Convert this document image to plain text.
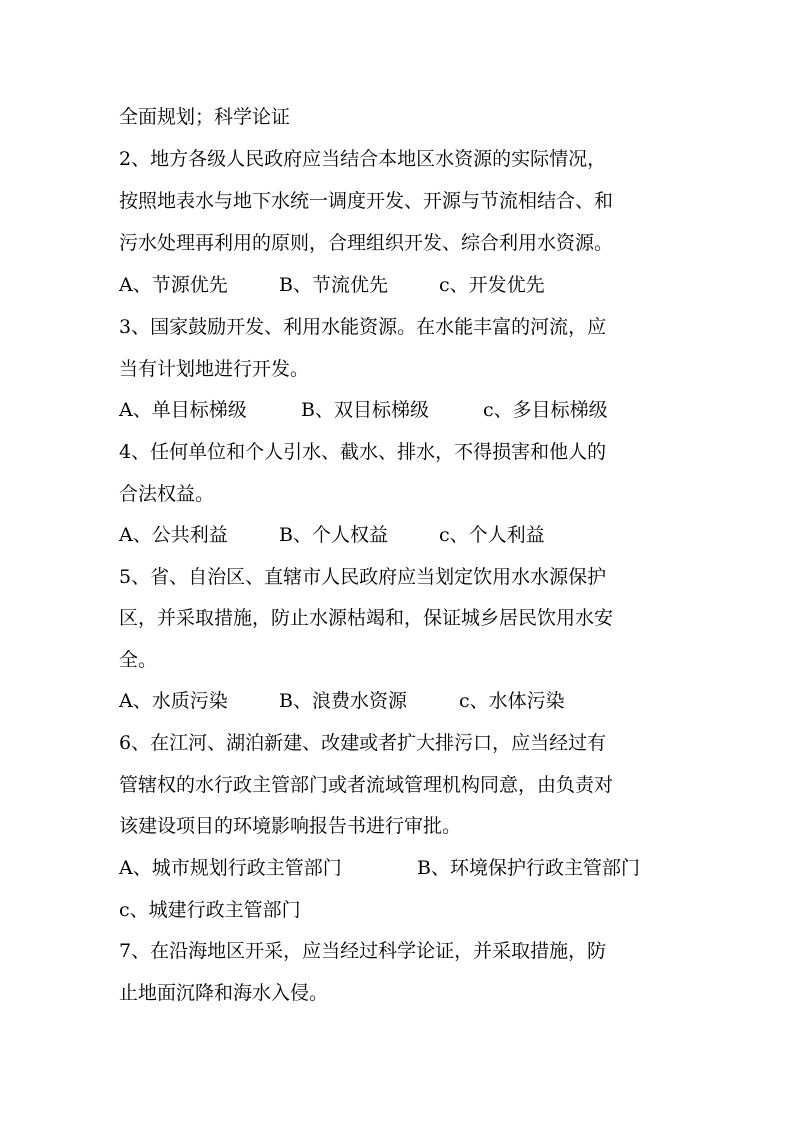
全面规划；科学论证
2、地方各级人民政府应当结合本地区水资源的实际情况，
按照地表水与地下水统一调度开发、开源与节流相结合、和
污水处理再利用的原则，合理组织开发、综合利用水资源。
A、节源优先	B、节流优先	c、开发优先
3、国家鼓励开发、利用水能资源。在水能丰富的河流，应
当有计划地进行开发。
A、单目标梯级	B、双目标梯级	c、多目标梯级
4、任何单位和个人引水、截水、排水，不得损害和他人的
合法权益。
A、公共利益	B、个人权益	c、个人利益
5、省、自治区、直辖市人民政府应当划定饮用水水源保护
区，并采取措施，防止水源枯竭和，保证城乡居民饮用水安
全。
A、水质污染	B、浪费水资源	c、水体污染
6、在江河、湖泊新建、改建或者扩大排污口，应当经过有
管辖权的水行政主管部门或者流域管理机构同意，由负责对
该建设项目的环境影响报告书进行审批。
A、城市规划行政主管部门	B、环境保护行政主管部门
c、城建行政主管部门
7、在沿海地区开采，应当经过科学论证，并采取措施，防
止地面沉降和海水入侵。
